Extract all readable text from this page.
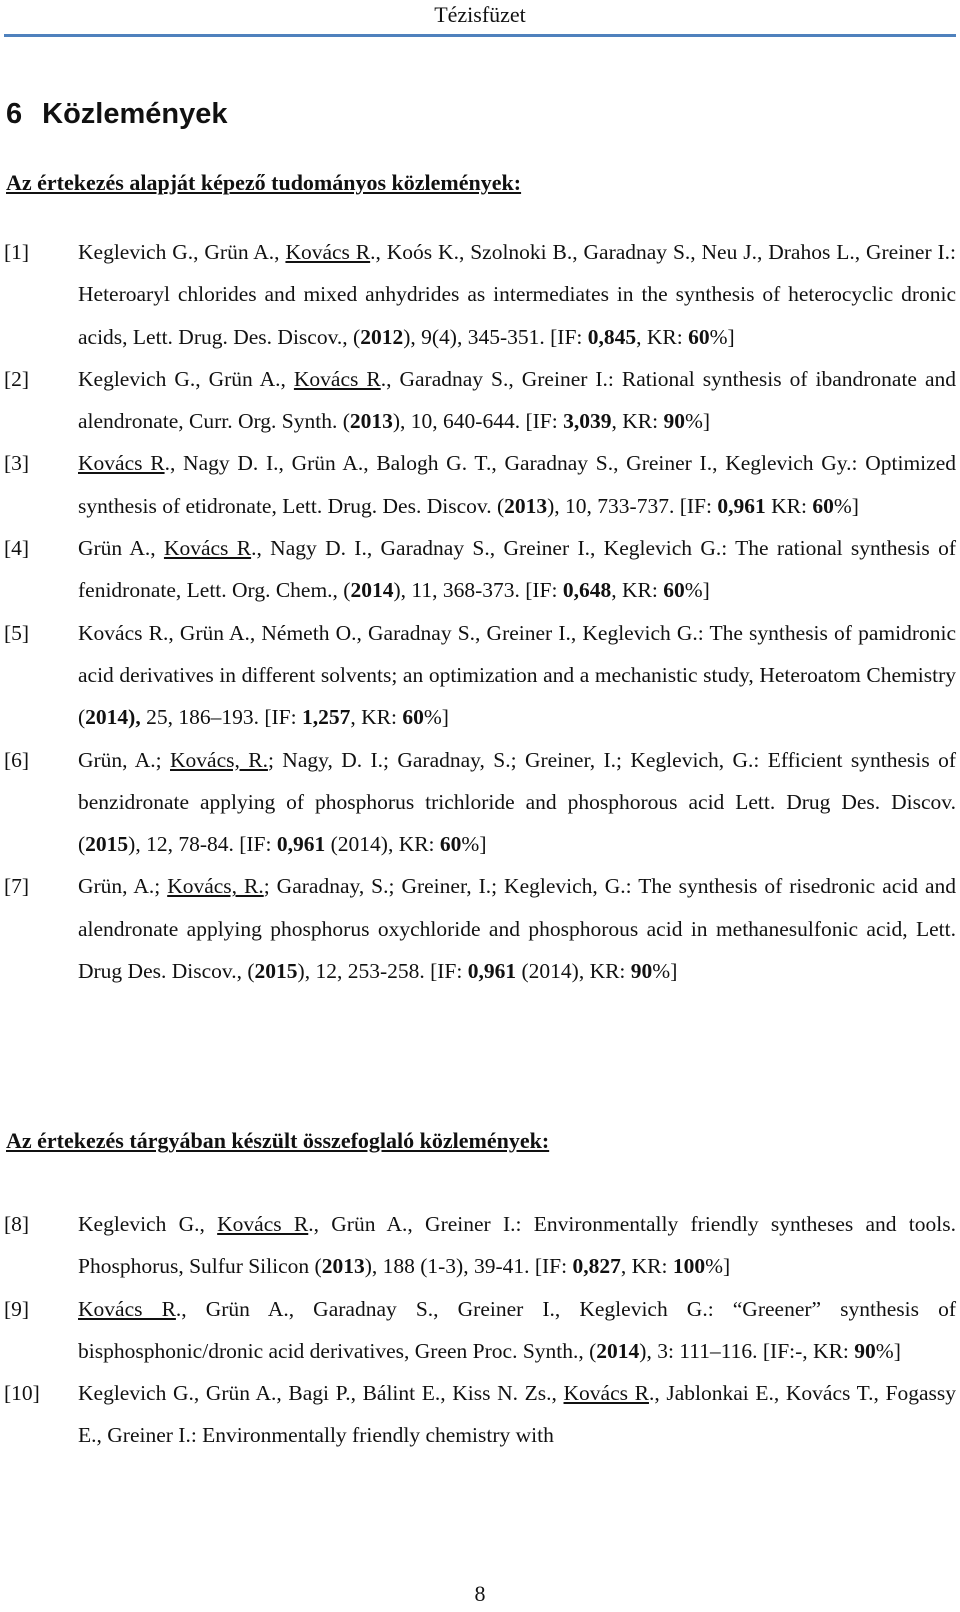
Tézisfüzet
6 Közlemények
Az értekezés alapját képező tudományos közlemények:
[1] Keglevich G., Grün A., Kovács R., Koós K., Szolnoki B., Garadnay S., Neu J., Drahos L., Greiner I.: Heteroaryl chlorides and mixed anhydrides as intermediates in the synthesis of heterocyclic dronic acids, Lett. Drug. Des. Discov., (2012), 9(4), 345-351. [IF: 0,845, KR: 60%]
[2] Keglevich G., Grün A., Kovács R., Garadnay S., Greiner I.: Rational synthesis of ibandronate and alendronate, Curr. Org. Synth. (2013), 10, 640-644. [IF: 3,039, KR: 90%]
[3] Kovács R., Nagy D. I., Grün A., Balogh G. T., Garadnay S., Greiner I., Keglevich Gy.: Optimized synthesis of etidronate, Lett. Drug. Des. Discov. (2013), 10, 733-737. [IF: 0,961 KR: 60%]
[4] Grün A., Kovács R., Nagy D. I., Garadnay S., Greiner I., Keglevich G.: The rational synthesis of fenidronate, Lett. Org. Chem., (2014), 11, 368-373. [IF: 0,648, KR: 60%]
[5] Kovács R., Grün A., Németh O., Garadnay S., Greiner I., Keglevich G.: The synthesis of pamidronic acid derivatives in different solvents; an optimization and a mechanistic study, Heteroatom Chemistry (2014), 25, 186–193. [IF: 1,257, KR: 60%]
[6] Grün, A.; Kovács, R.; Nagy, D. I.; Garadnay, S.; Greiner, I.; Keglevich, G.: Efficient synthesis of benzidronate applying of phosphorus trichloride and phosphorous acid Lett. Drug Des. Discov. (2015), 12, 78-84. [IF: 0,961 (2014), KR: 60%]
[7] Grün, A.; Kovács, R.; Garadnay, S.; Greiner, I.; Keglevich, G.: The synthesis of risedronic acid and alendronate applying phosphorus oxychloride and phosphorous acid in methanesulfonic acid, Lett. Drug Des. Discov., (2015), 12, 253-258. [IF: 0,961 (2014), KR: 90%]
Az értekezés tárgyában készült összefoglaló közlemények:
[8] Keglevich G., Kovács R., Grün A., Greiner I.: Environmentally friendly syntheses and tools. Phosphorus, Sulfur Silicon (2013), 188 (1-3), 39-41. [IF: 0,827, KR: 100%]
[9] Kovács R., Grün A., Garadnay S., Greiner I., Keglevich G.: “Greener” synthesis of bisphosphonic/dronic acid derivatives, Green Proc. Synth., (2014), 3: 111–116. [IF:-, KR: 90%]
[10] Keglevich G., Grün A., Bagi P., Bálint E., Kiss N. Zs., Kovács R., Jablonkai E., Kovács T., Fogassy E., Greiner I.: Environmentally friendly chemistry with
8
